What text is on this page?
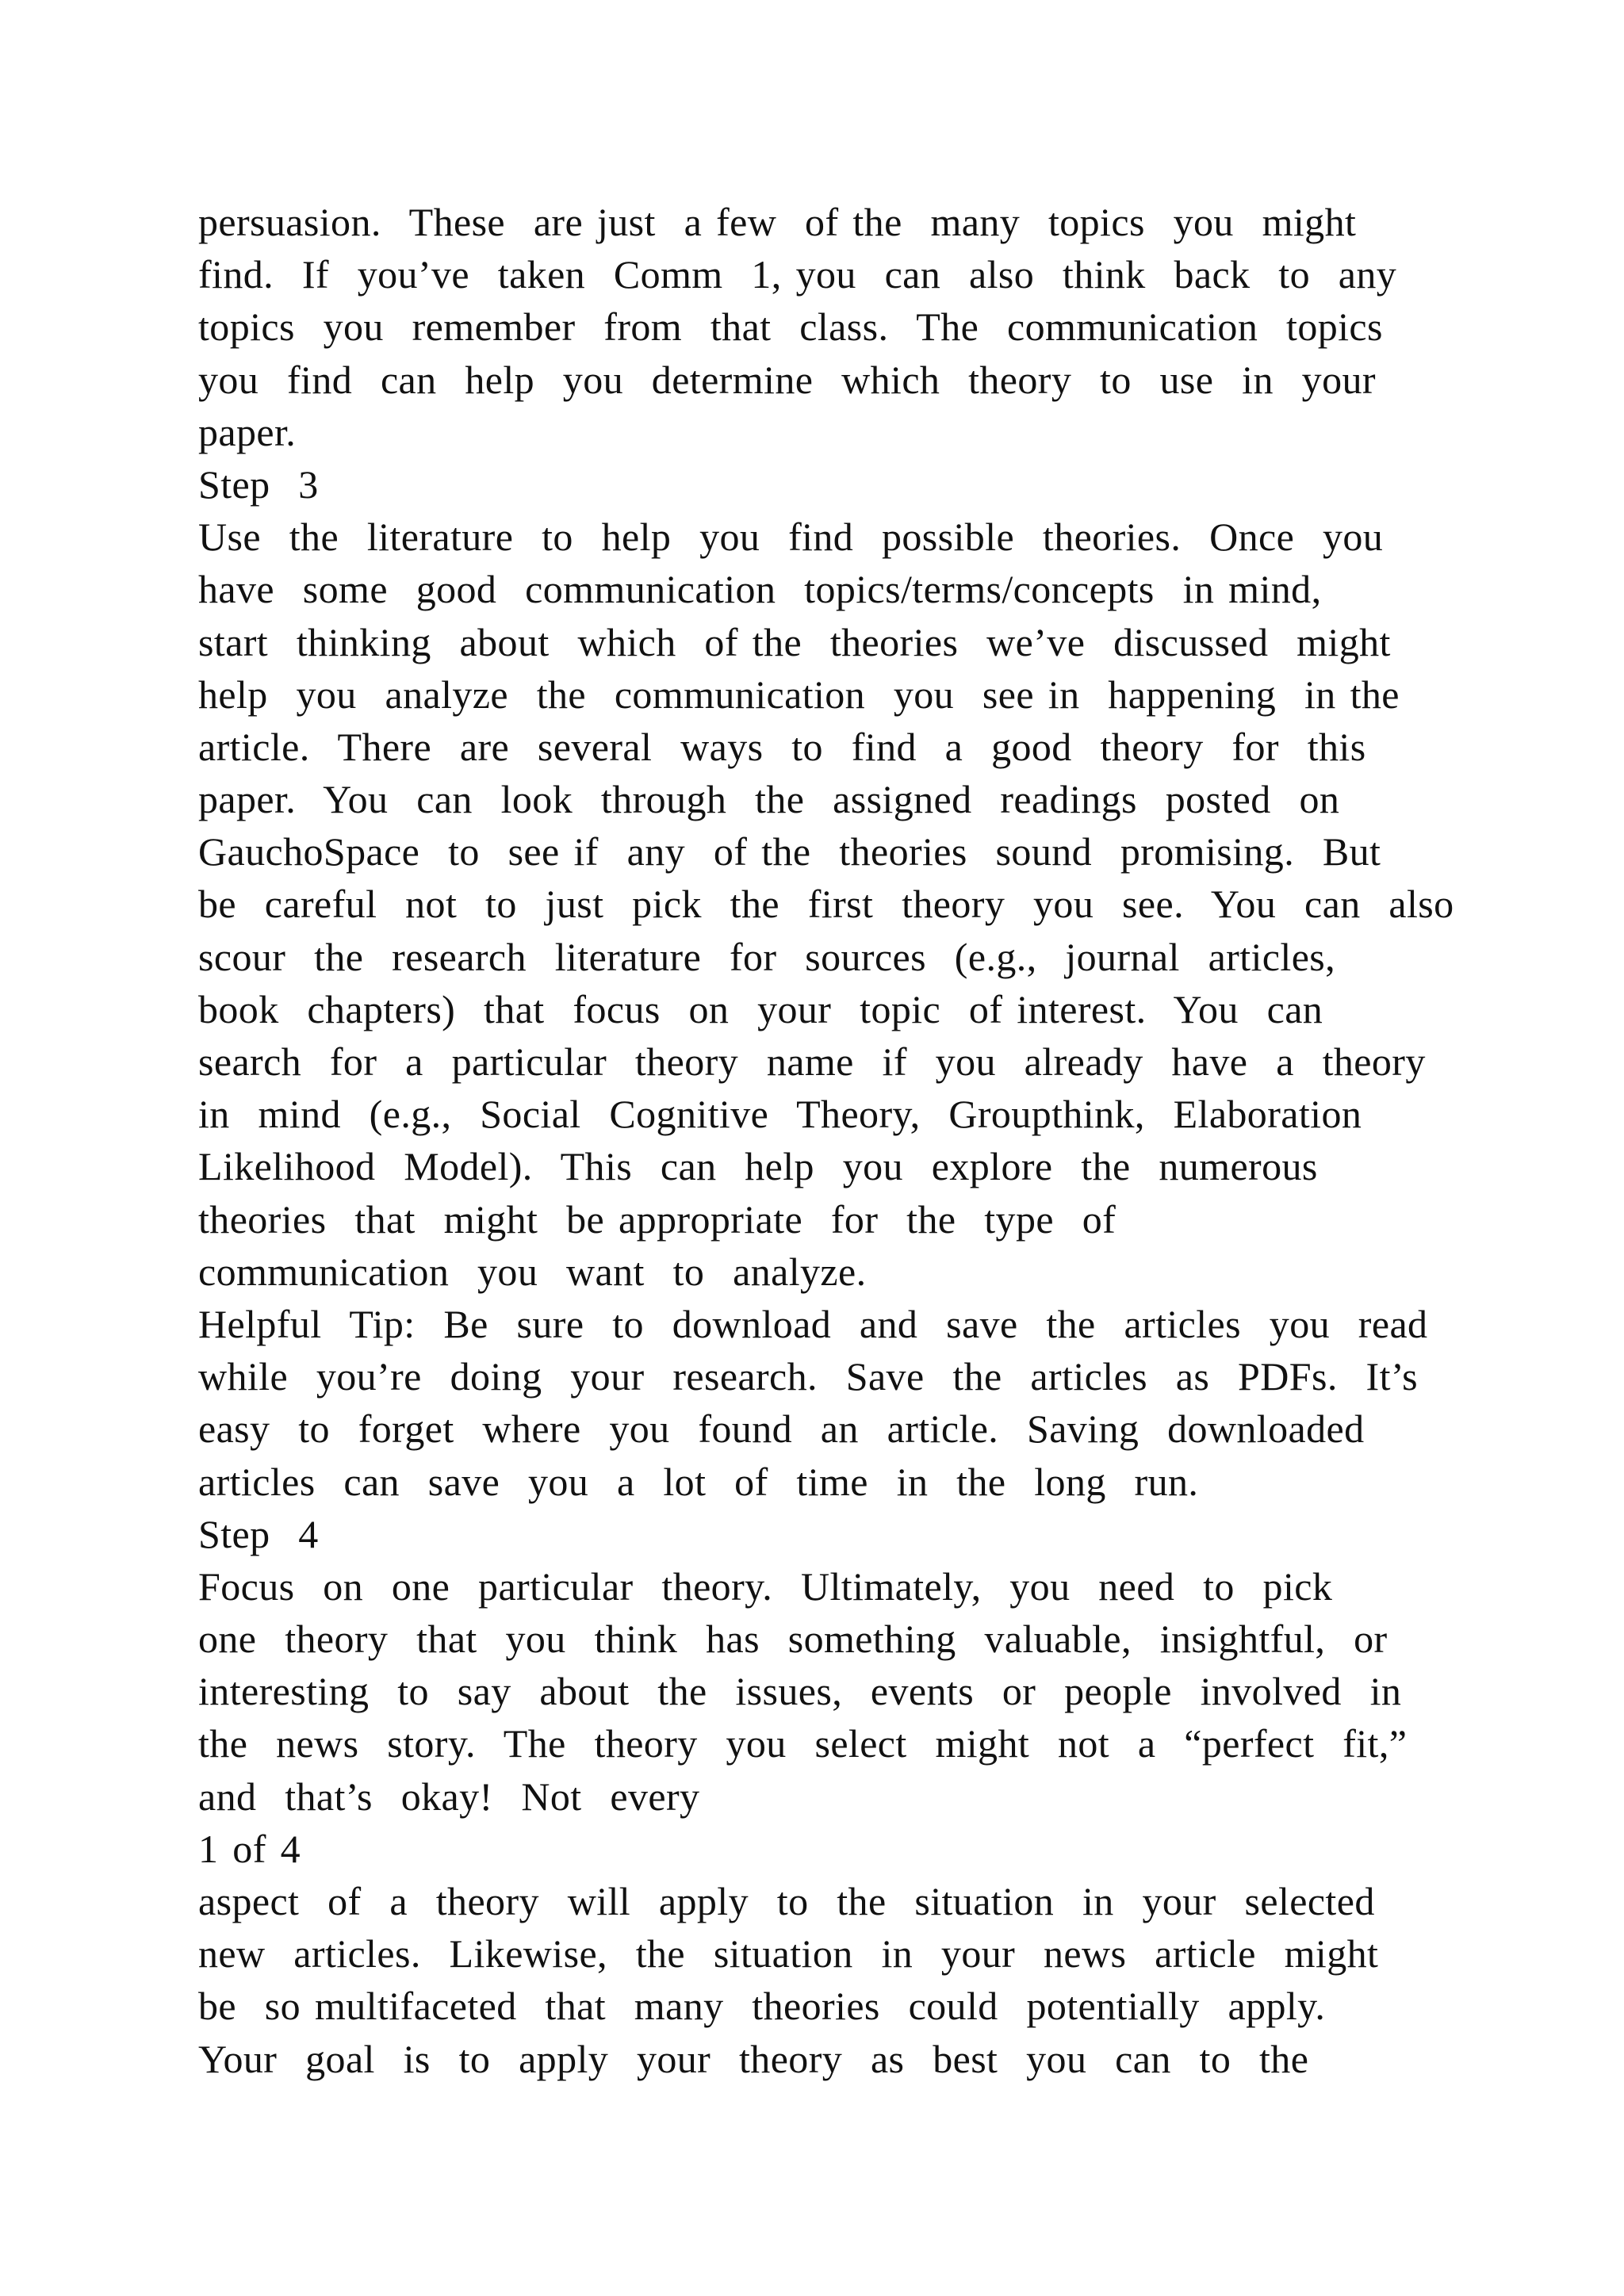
persuasion.  These  are just  a few  of the  many  topics  you  might
find.  If  you’ve  taken  Comm  1, you  can  also  think  back  to  any
topics  you  remember  from  that  class.  The  communication  topics
you  find  can  help  you  determine  which  theory  to  use  in  your
paper.
Step  3
Use  the  literature  to  help  you  find  possible  theories.  Once  you
have  some  good  communication  topics/terms/concepts  in mind,
start  thinking  about  which  of the  theories  we’ve  discussed  might
help  you  analyze  the  communication  you  see in  happening  in the
article.  There  are  several  ways  to  find  a  good  theory  for  this
paper.  You  can  look  through  the  assigned  readings  posted  on
GauchoSpace  to  see if  any  of the  theories  sound  promising.  But
be  careful  not  to  just  pick  the  first  theory  you  see.  You  can  also
scour  the  research  literature  for  sources  (e.g.,  journal  articles,
book  chapters)  that  focus  on  your  topic  of interest.  You  can
search  for  a  particular  theory  name  if  you  already  have  a  theory
in  mind  (e.g.,  Social  Cognitive  Theory,  Groupthink,  Elaboration
Likelihood  Model).  This  can  help  you  explore  the  numerous
theories  that  might  be appropriate  for  the  type  of
communication  you  want  to  analyze.
Helpful  Tip:  Be  sure  to  download  and  save  the  articles  you  read
while  you’re  doing  your  research.  Save  the  articles  as  PDFs.  It’s
easy  to  forget  where  you  found  an  article.  Saving  downloaded
articles  can  save  you  a  lot  of  time  in  the  long  run.
Step  4
Focus  on  one  particular  theory.  Ultimately,  you  need  to  pick
one  theory  that  you  think  has  something  valuable,  insightful,  or
interesting  to  say  about  the  issues,  events  or  people  involved  in
the  news  story.  The  theory  you  select  might  not  a  “perfect  fit,”
and  that’s  okay!  Not  every
1 of 4
aspect  of  a  theory  will  apply  to  the  situation  in  your  selected
new  articles.  Likewise,  the  situation  in  your  news  article  might
be  so multifaceted  that  many  theories  could  potentially  apply.
Your  goal  is  to  apply  your  theory  as  best  you  can  to  the
